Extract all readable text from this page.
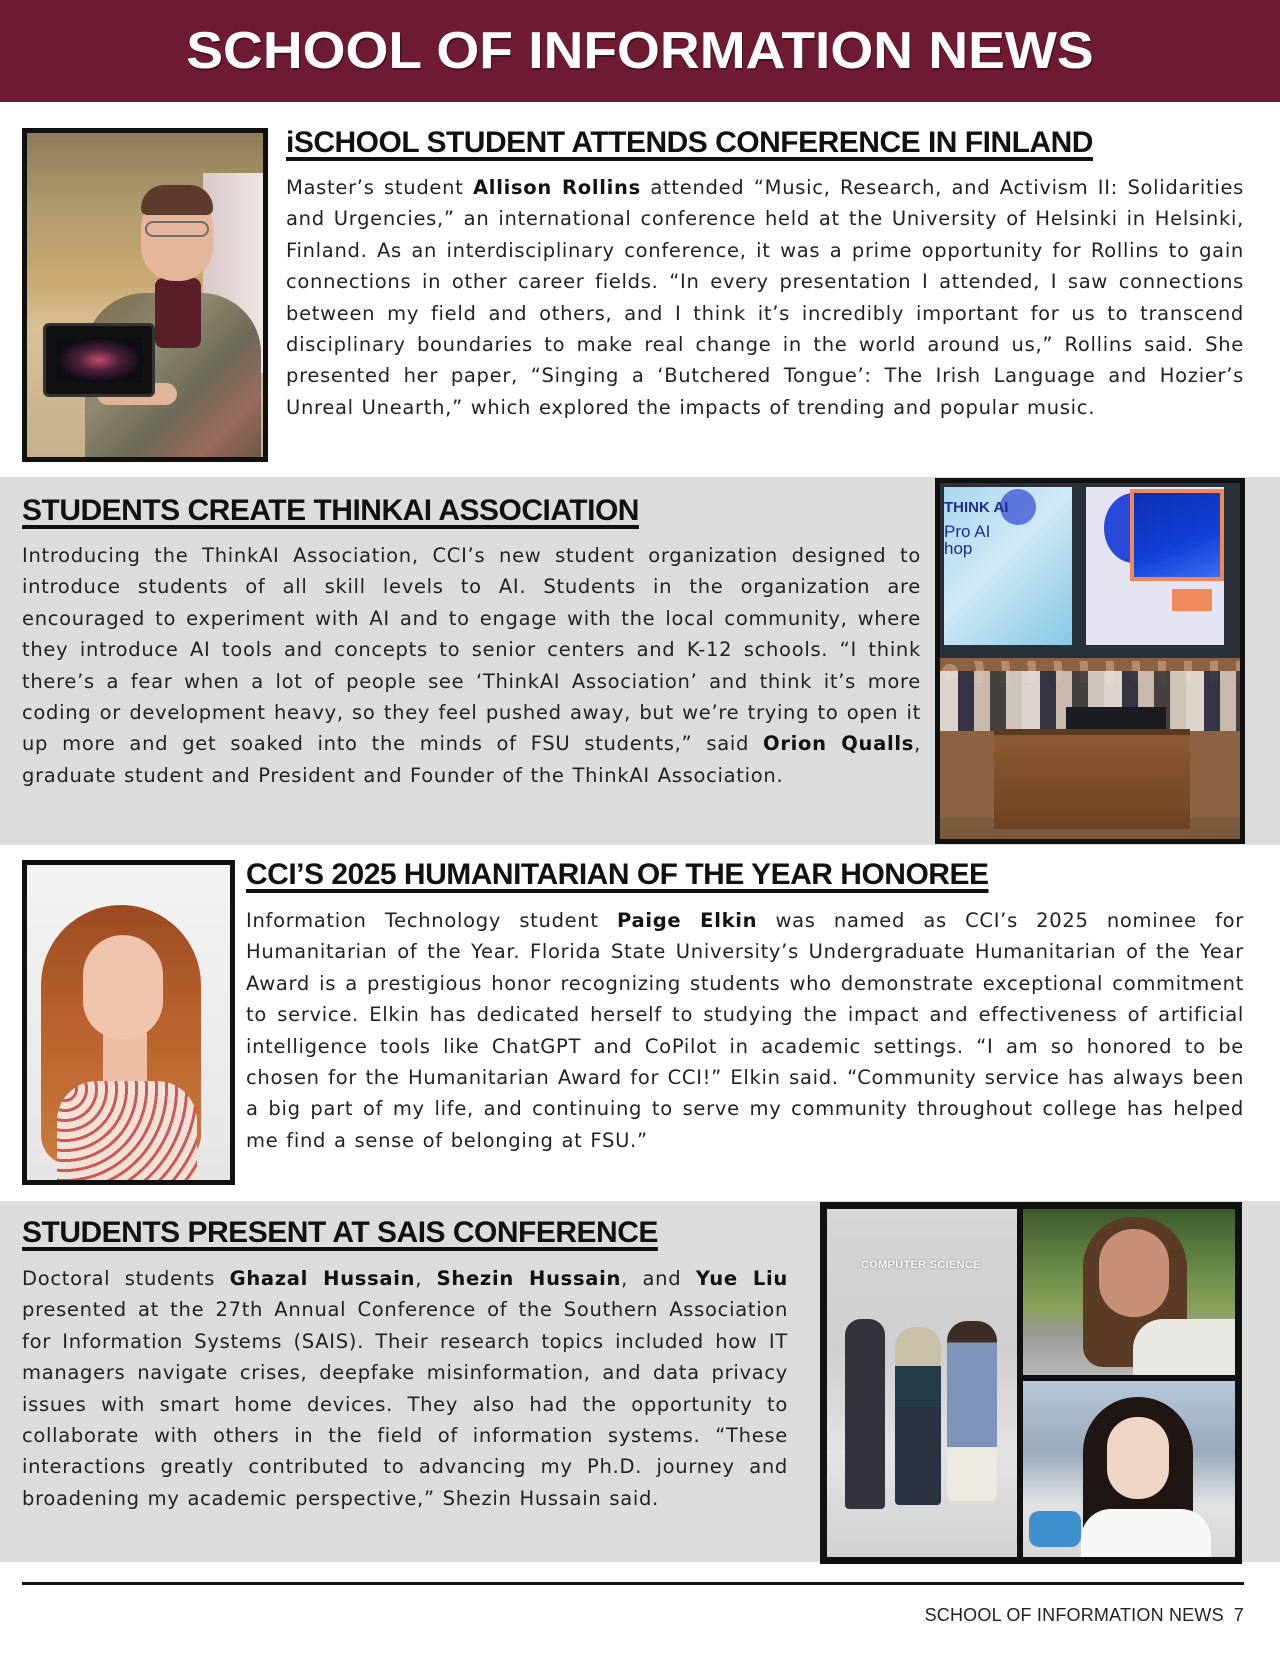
SCHOOL OF INFORMATION NEWS
iSCHOOL STUDENT ATTENDS CONFERENCE IN FINLAND

Master’s student Allison Rollins attended “Music, Research, and Activism II: Solidarities and Urgencies,” an international conference held at the University of Helsinki in Helsinki, Finland. As an interdisciplinary conference, it was a prime opportunity for Rollins to gain connections in other career fields. “In every presentation I attended, I saw connections between my field and others, and I think it’s incredibly important for us to transcend disciplinary boundaries to make real change in the world around us,” Rollins said. She presented her paper, “Singing a ‘Butchered Tongue’: The Irish Language and Hozier’s Unreal Unearth,” which explored the impacts of trending and popular music.

STUDENTS CREATE THINKAI ASSOCIATION

Introducing the ThinkAI Association, CCI’s new student organization designed to introduce students of all skill levels to AI. Students in the organization are encouraged to experiment with AI and to engage with the local community, where they introduce AI tools and concepts to senior centers and K-12 schools. “I think there’s a fear when a lot of people see ‘ThinkAI Association’ and think it’s more coding or development heavy, so they feel pushed away, but we’re trying to open it up more and get soaked into the minds of FSU students,” said Orion Qualls, graduate student and President and Founder of the ThinkAI Association.

THINK AI
Pro AI
hop
CCI’S 2025 HUMANITARIAN OF THE YEAR HONOREE

Information Technology student Paige Elkin was named as CCI’s 2025 nominee for Humanitarian of the Year. Florida State University’s Undergraduate Humanitarian of the Year Award is a prestigious honor recognizing students who demonstrate exceptional commitment to service. Elkin has dedicated herself to studying the impact and effectiveness of artificial intelligence tools like ChatGPT and CoPilot in academic settings. “I am so honored to be chosen for the Humanitarian Award for CCI!” Elkin said. “Community service has always been a big part of my life, and continuing to serve my community throughout college has helped me find a sense of belonging at FSU.”

STUDENTS PRESENT AT SAIS CONFERENCE

Doctoral students Ghazal Hussain, Shezin Hussain, and Yue Liu presented at the 27th Annual Conference of the Southern Association for Information Systems (SAIS). Their research topics included how IT managers navigate crises, deepfake misinformation, and data privacy issues with smart home devices. They also had the opportunity to collaborate with others in the field of information systems. “These interactions greatly contributed to advancing my Ph.D. journey and broadening my academic perspective,” Shezin Hussain said.

COMPUTER SCIENCE
SCHOOL OF INFORMATION NEWS 7
